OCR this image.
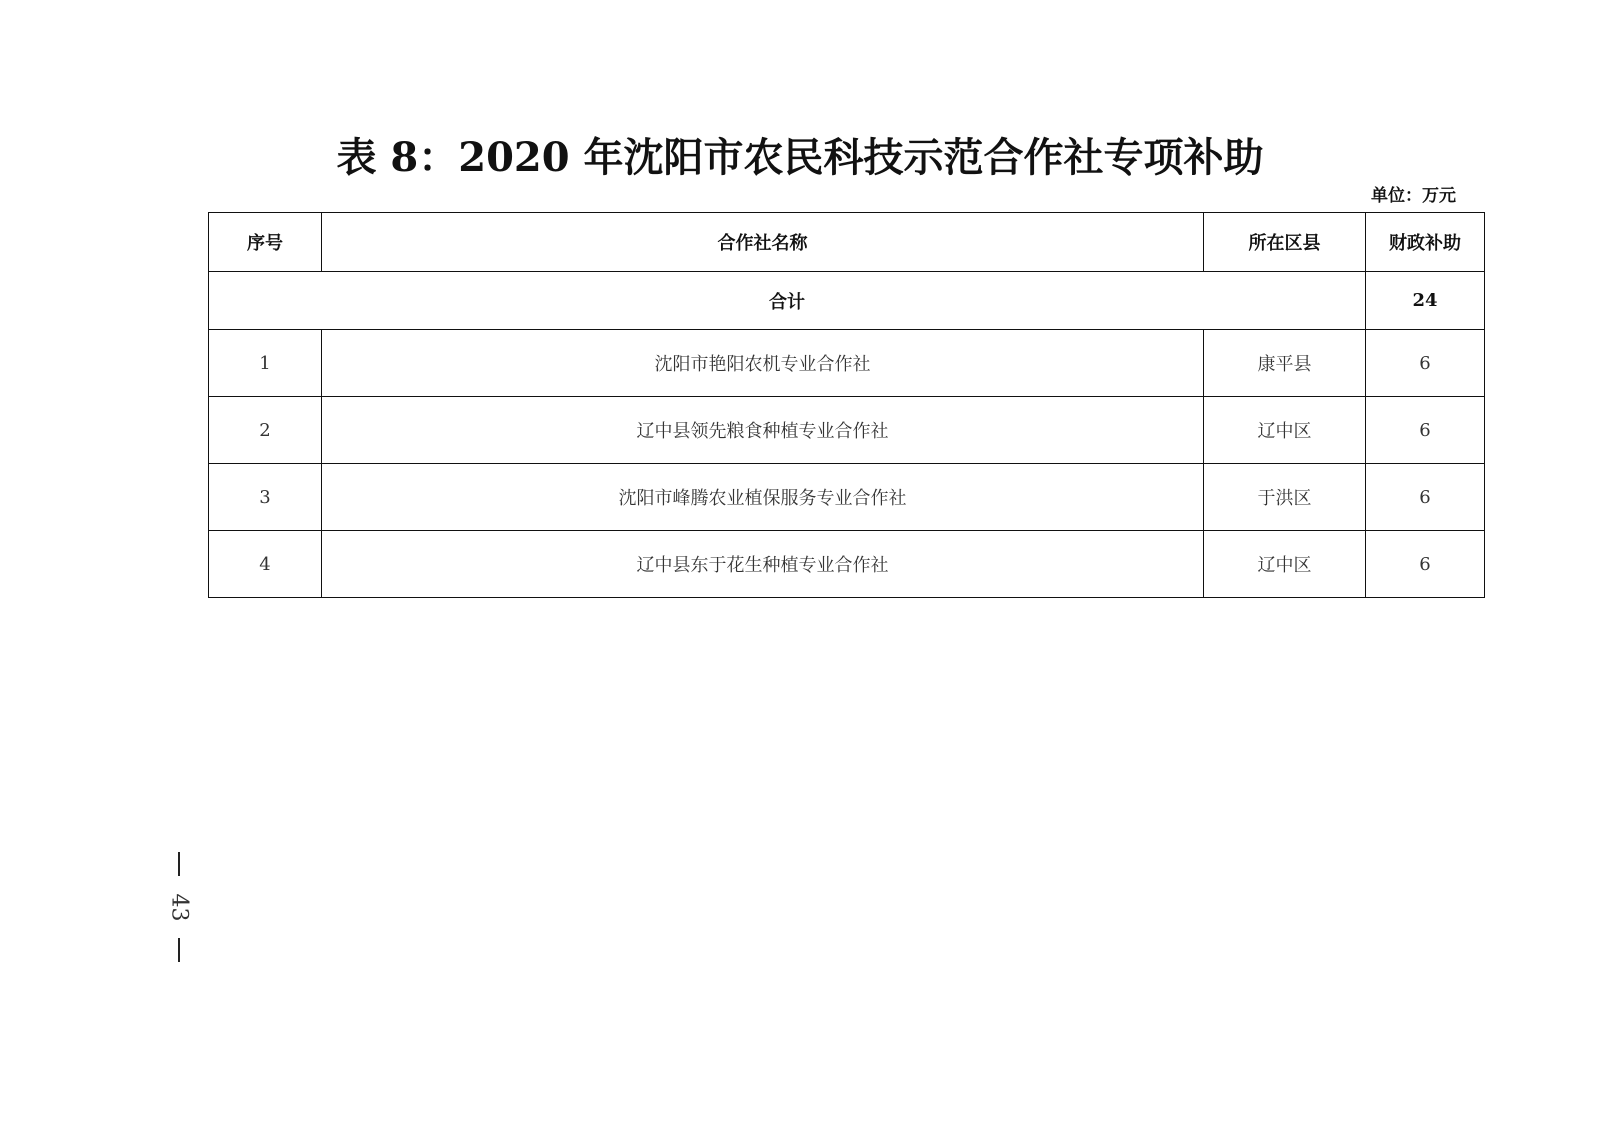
表 8：2020 年沈阳市农民科技示范合作社专项补助
单位：万元
序号	合作社名称	所在区县	财政补助
合计			24
1	沈阳市艳阳农机专业合作社	康平县	6
2	辽中县领先粮食种植专业合作社	辽中区	6
3	沈阳市峰腾农业植保服务专业合作社	于洪区	6
4	辽中县东于花生种植专业合作社	辽中区	6
43
